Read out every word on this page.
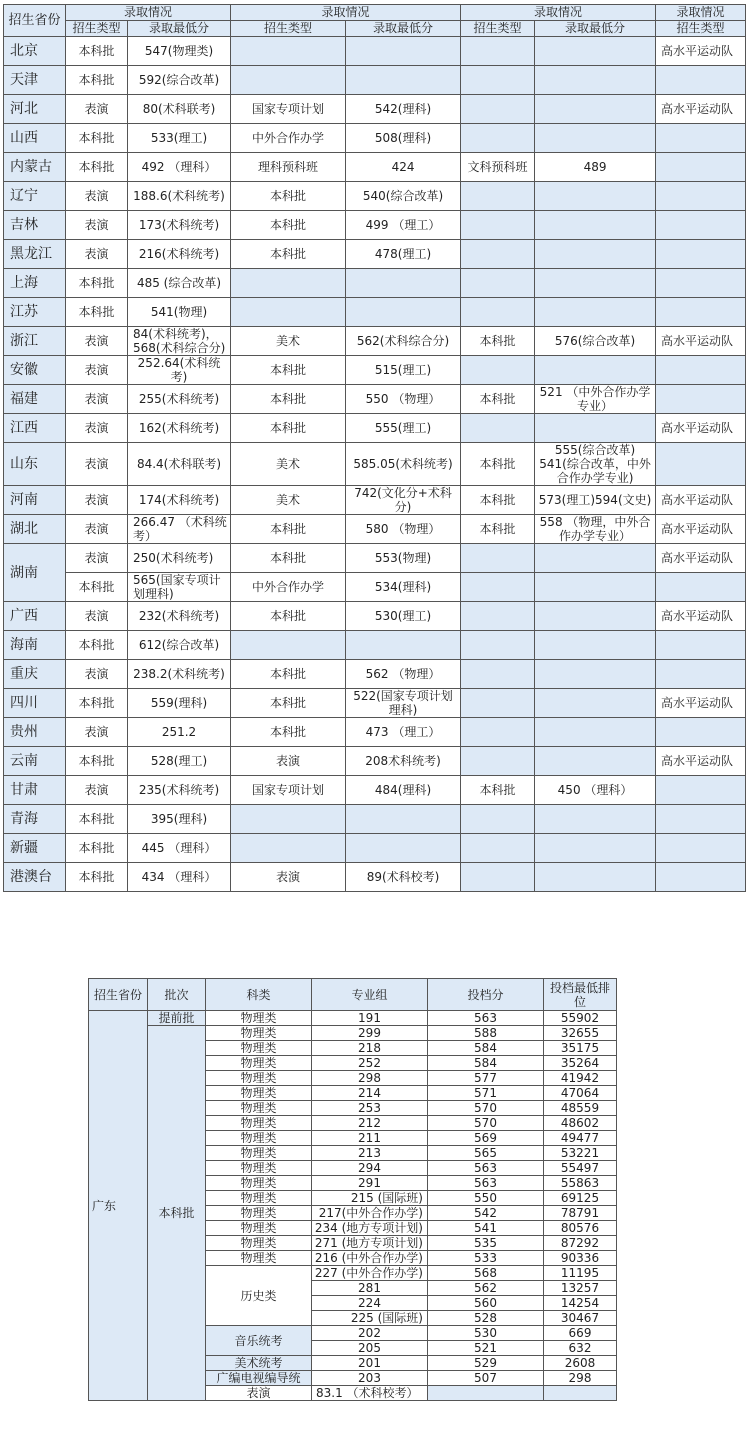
招生省份	录取情况		录取情况		录取情况		录取情况
	招生类型	录取最低分	招生类型	录取最低分	招生类型	录取最低分	招生类型
北京	本科批	547(物理类)					高水平运动队
天津	本科批	592(综合改革)					
河北	表演	80(术科联考)	国家专项计划	542(理科)			高水平运动队
山西	本科批	533(理工)	中外合作办学	508(理科)			
内蒙古	本科批	492 （理科）	理科预科班	424	文科预科班	489	
辽宁	表演	188.6(术科统考)	本科批	540(综合改革)			
吉林	表演	173(术科统考)	本科批	499 （理工）			
黑龙江	表演	216(术科统考)	本科批	478(理工)			
上海	本科批	485 (综合改革)					
江苏	本科批	541(物理)					
浙江	表演	84(术科统考)，568(术科综合分)	美术	562(术科综合分)	本科批	576(综合改革)	高水平运动队
安徽	表演	252.64(术科统考)	本科批	515(理工)			
福建	表演	255(术科统考)	本科批	550 （物理）	本科批	521 （中外合作办学专业）	
江西	表演	162(术科统考)	本科批	555(理工)			高水平运动队
山东	表演	84.4(术科联考)	美术	585.05(术科统考)	本科批	555(综合改革) 541(综合改革，中外合作办学专业)	
河南	表演	174(术科统考)	美术	742(文化分+术科分)	本科批	573(理工)594(文史)	高水平运动队
湖北	表演	266.47 （术科统考）	本科批	580 （物理）	本科批	558 （物理，中外合作办学专业）	高水平运动队
湖南	表演	250(术科统考)	本科批	553(物理)			高水平运动队
	本科批	565(国家专项计划理科)	中外合作办学	534(理科)			
广西	表演	232(术科统考)	本科批	530(理工)			高水平运动队
海南	本科批	612(综合改革)					
重庆	表演	238.2(术科统考)	本科批	562 （物理）			
四川	本科批	559(理科)	本科批	522(国家专项计划理科)			高水平运动队
贵州	表演	251.2	本科批	473 （理工）			
云南	本科批	528(理工)	表演	208术科统考)			高水平运动队
甘肃	表演	235(术科统考)	国家专项计划	484(理科)	本科批	450 （理科）	
青海	本科批	395(理科)					
新疆	本科批	445 （理科）					
港澳台	本科批	434 （理科）	表演	89(术科校考)			
招生省份	批次	科类	专业组	投档分	投档最低排位
广东	提前批	物理类	191	563	55902
	本科批	物理类	299	588	32655
		物理类	218	584	35175
		物理类	252	584	35264
		物理类	298	577	41942
		物理类	214	571	47064
		物理类	253	570	48559
		物理类	212	570	48602
		物理类	211	569	49477
		物理类	213	565	53221
		物理类	294	563	55497
		物理类	291	563	55863
		物理类	215 (国际班)	550	69125
		物理类	217(中外合作办学)	542	78791
		物理类	234 (地方专项计划)	541	80576
		物理类	271 (地方专项计划)	535	87292
		物理类	216 (中外合作办学)	533	90336
		历史类	227 (中外合作办学)	568	11195
			281	562	13257
			224	560	14254
			225 (国际班)	528	30467
		音乐统考	202	530	669
			205	521	632
		美术统考	201	529	2608
		广编电视编导统	203	507	298
		表演	83.1 （术科校考）		
